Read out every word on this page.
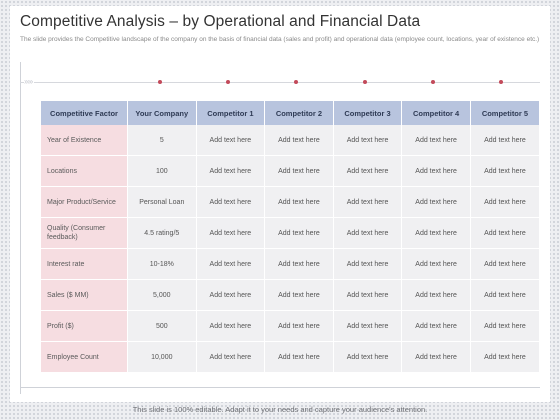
Competitive Analysis – by Operational and Financial Data
The slide provides the Competitive landscape of the company on the basis of financial data (sales and profit) and operational data (employee count, locations, year of existence etc.)
›››››
Competitive Factor	Your Company	Competitor 1	Competitor 2	Competitor 3	Competitor 4	Competitor 5
Year of Existence	5	Add text here	Add text here	Add text here	Add text here	Add text here
Locations	100	Add text here	Add text here	Add text here	Add text here	Add text here
Major Product/Service	Personal Loan	Add text here	Add text here	Add text here	Add text here	Add text here
Quality (Consumer feedback)	4.5 rating/5	Add text here	Add text here	Add text here	Add text here	Add text here
Interest rate	10-18%	Add text here	Add text here	Add text here	Add text here	Add text here
Sales ($ MM)	5,000	Add text here	Add text here	Add text here	Add text here	Add text here
Profit ($)	500	Add text here	Add text here	Add text here	Add text here	Add text here
Employee Count	10,000	Add text here	Add text here	Add text here	Add text here	Add text here
This slide is 100% editable. Adapt it to your needs and capture your audience's attention.
